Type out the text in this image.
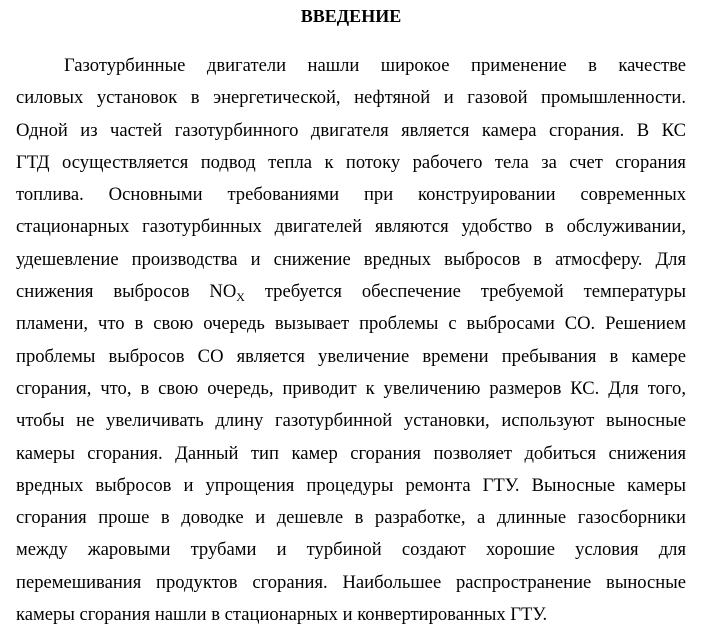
ВВЕДЕНИЕ
Газотурбинные двигатели нашли широкое применение в качестве
силовых установок в энергетической, нефтяной и газовой промышленности.
Одной из частей газотурбинного двигателя является камера сгорания. В КС
ГТД осуществляется подвод тепла к потоку рабочего тела за счет сгорания
топлива. Основными требованиями при конструировании современных
стационарных газотурбинных двигателей являются удобство в обслуживании,
удешевление производства и снижение вредных выбросов в атмосферу. Для
снижения выбросов $NO_X$ требуется обеспечение требуемой температуры
пламени, что в свою очередь вызывает проблемы с выбросами CO. Решением
проблемы выбросов CO является увеличение времени пребывания в камере
сгорания, что, в свою очередь, приводит к увеличению размеров КС. Для того,
чтобы не увеличивать длину газотурбинной установки, используют выносные
камеры сгорания. Данный тип камер сгорания позволяет добиться снижения
вредных выбросов и упрощения процедуры ремонта ГТУ. Выносные камеры
сгорания проше в доводке и дешевле в разработке, а длинные газосборники
между жаровыми трубами и турбиной создают хорошие условия для
перемешивания продуктов сгорания. Наибольшее распространение выносные
камеры сгорания нашли в стационарных и конвертированных ГТУ.
